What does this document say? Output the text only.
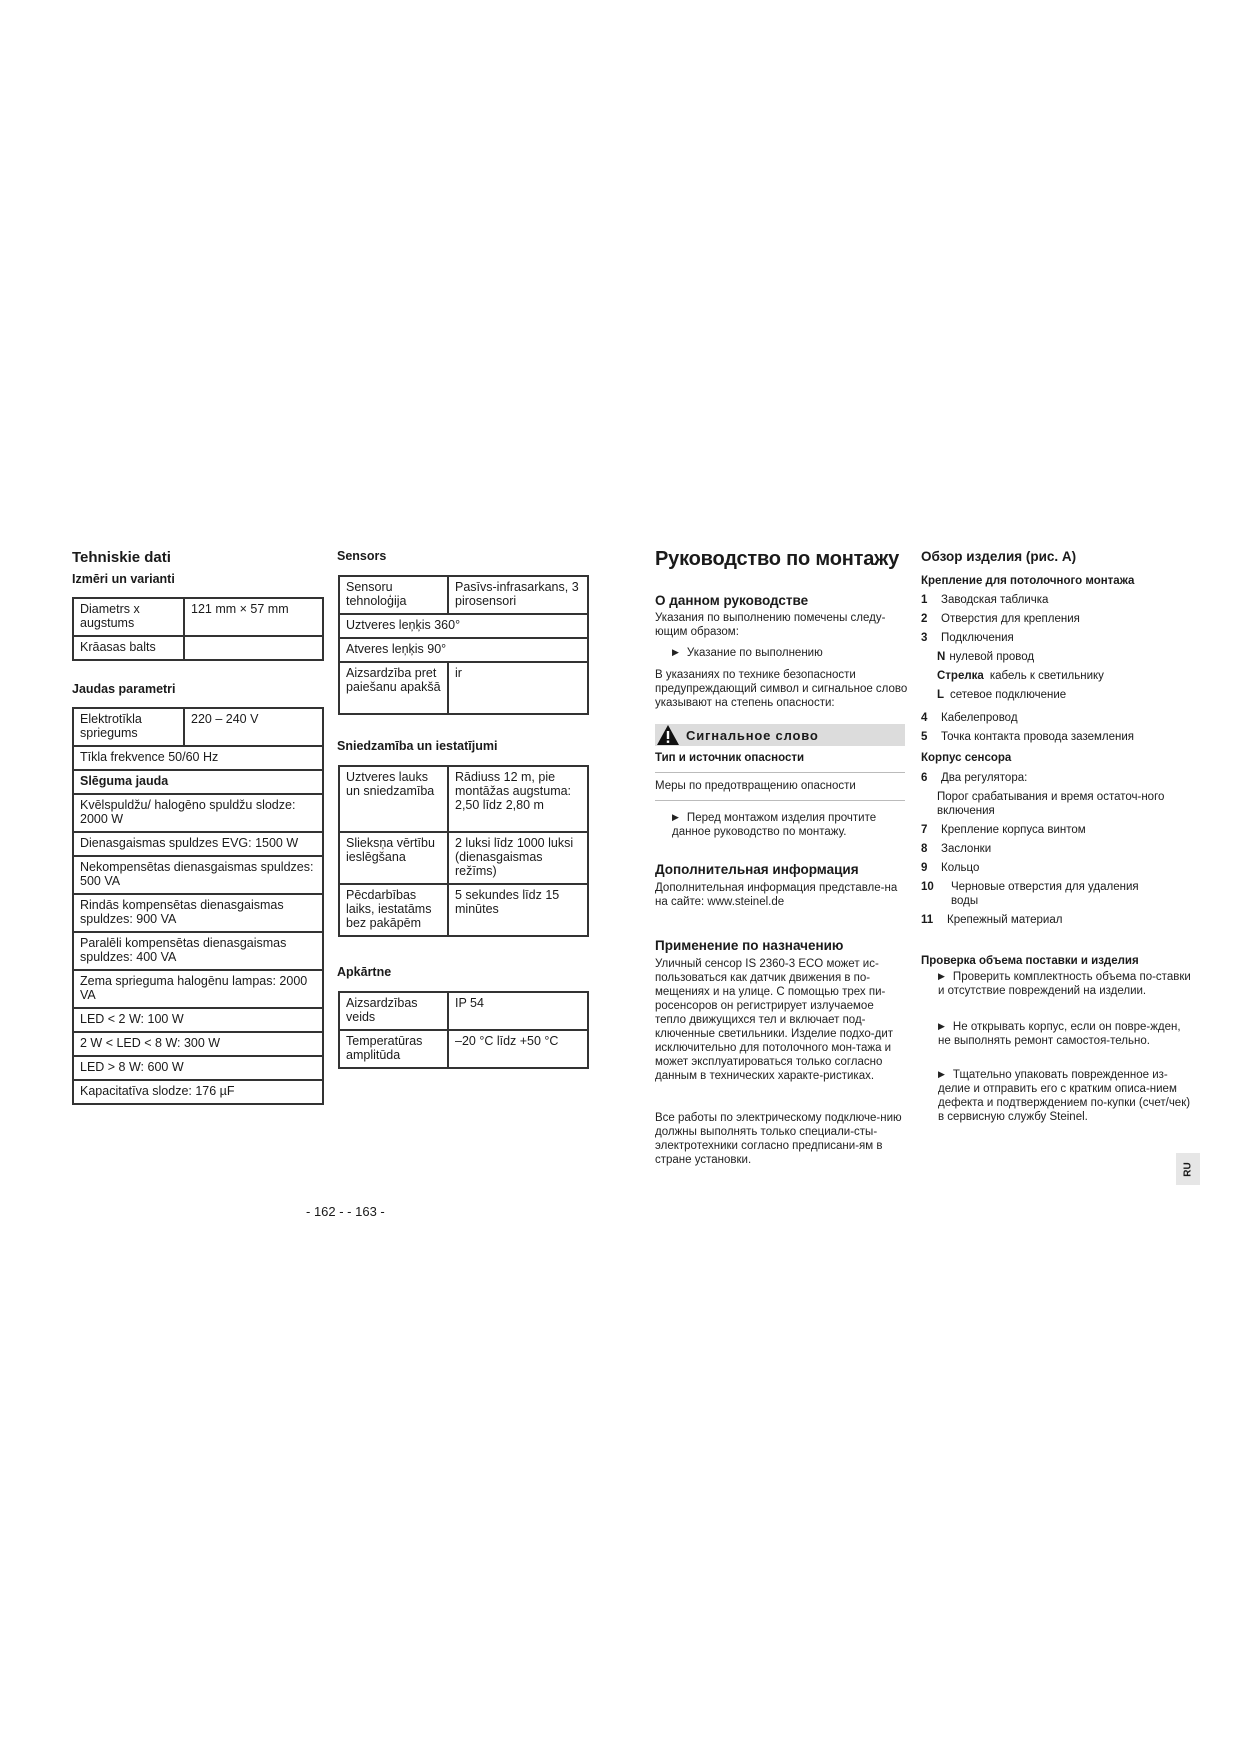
Tehniskie dati
Izmēri un varianti
Diametrs x augstums	121 mm × 57 mm
Krāasas balts	
Jaudas parametri
Elektrotīkla spriegums	220 – 240 V
Tīkla frekvence 50/60 Hz
Slēguma jauda
Kvēlspuldžu/ halogēno spuldžu slodze: 2000 W
Dienasgaismas spuldzes EVG: 1500 W
Nekompensētas dienasgaismas spuldzes: 500 VA
Rindās kompensētas dienasgaismas spuldzes: 900 VA
Paralēli kompensētas dienasgaismas spuldzes: 400 VA
Zema sprieguma halogēnu lampas: 2000 VA
LED < 2 W: 100 W
2 W < LED < 8 W: 300 W
LED > 8 W: 600 W
Kapacitatīva slodze: 176 µF
Sensors
Sensoru tehnoloģija	Pasīvs-infrasarkans, 3 pirosensori
Uztveres leņķis 360°	
Atveres leņķis 90°	
Aizsardzība pret paiešanu apakšā	ir
Sniedzamība un iestatījumi
Uztveres lauks un sniedzamība	Rādiuss 12 m, pie montāžas augstuma: 2,50 līdz 2,80 m
Slieksņa vērtību ieslēgšana	2 luksi līdz 1000 luksi (dienasgaismas režīms)
Pēcdarbības laiks, iestatāms bez pakāpēm	5 sekundes līdz 15 minūtes
Apkārtne
Aizsardzības veids	IP 54
Temperatūras amplitūda	–20 °C līdz +50 °C
- 162 - - 163 -
Руководство по монтажу
О данном руководстве

Указания по выполнению помечены следу-ющим образом:

▶ Указание по выполнению

В указаниях по технике безопасности предупреждающий символ и сигнальное слово указывают на степень опасности:

Сигнальное слово

Тип и источник опасности

Меры по предотвращению опасности

▶ Перед монтажом изделия прочтите данное руководство по монтажу.

Дополнительная информация

Дополнительная информация представле-на на сайте: www.steinel.de

Применение по назначению

Уличный сенсор IS 2360-3 ECO может ис-пользоваться как датчик движения в по-мещениях и на улице. С помощью трех пи-росенсоров он регистрирует излучаемое тепло движущихся тел и включает под-ключенные светильники. Изделие подхо-дит исключительно для потолочного мон-тажа и может эксплуатироваться только согласно данным в технических характе-ристиках.

Все работы по электрическому подключе-нию должны выполнять только специали-сты-электротехники согласно предписани-ям в стране установки.

Обзор изделия (рис. A)

Крепление для потолочного монтажа

1 Заводская табличка
2 Отверстия для крепления
3 Подключения
N нулевой провод
Стрелка кабель к светильнику
L сетевое подключение
4 Кабелепровод
5 Точка контакта провода заземления

Корпус сенсора

6 Два регулятора:
Порог срабатывания и время остаточ-ного включения
7 Крепление корпуса винтом
8 Заслонки
9 Кольцо
10	Черновые отверстия для удаления воды
11 Крепежный материал

Проверка объема поставки и изделия

▶ Проверить комплектность объема по-ставки и отсутствие повреждений на изделии.

▶ Не открывать корпус, если он повре-жден, не выполнять ремонт самостоя-тельно.

▶ Тщательно упаковать поврежденное из-делие и отправить его с кратким описа-нием дефекта и подтверждением по-купки (счет/чек) в сервисную службу Steinel.

RU
